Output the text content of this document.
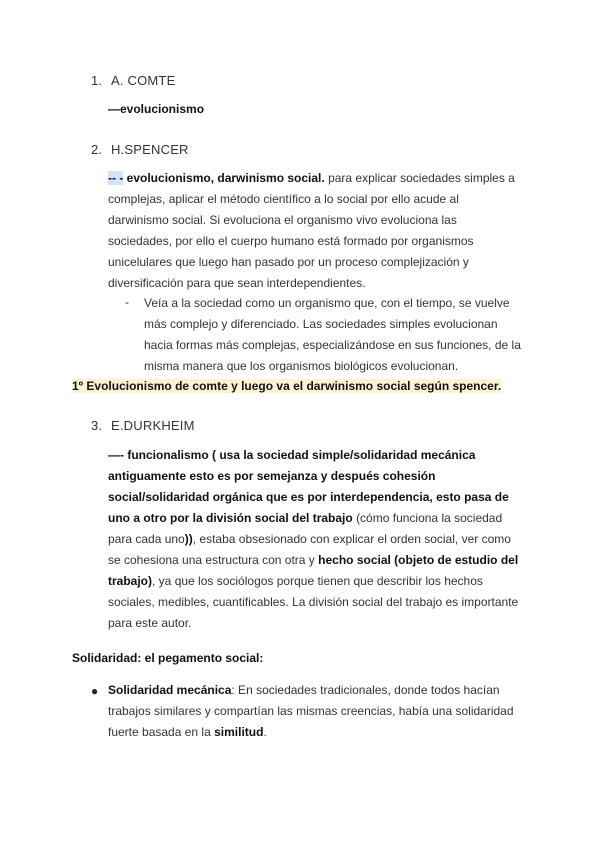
1. A. COMTE
—evolucionismo
2. H.SPENCER
-- - evolucionismo, darwinismo social. para explicar sociedades simples a complejas, aplicar el método científico a lo social por ello acude al darwinismo social. Si evoluciona el organismo vivo evoluciona las sociedades, por ello el cuerpo humano está formado por organismos unicelulares que luego han pasado por un proceso complejización y diversificación para que sean interdependientes.
- Veía a la sociedad como un organismo que, con el tiempo, se vuelve más complejo y diferenciado. Las sociedades simples evolucionan hacia formas más complejas, especializándose en sus funciones, de la misma manera que los organismos biológicos evolucionan.
1º Evolucionismo de comte y luego va el darwinismo social según spencer.
3. E.DURKHEIM
—- funcionalismo ( usa la sociedad simple/solidaridad mecánica antiguamente esto es por semejanza y después cohesión social/solidaridad orgánica que es por interdependencia, esto pasa de uno a otro por la división social del trabajo (cómo funciona la sociedad para cada uno)), estaba obsesionado con explicar el orden social, ver como se cohesiona una estructura con otra y hecho social (objeto de estudio del trabajo), ya que los sociólogos porque tienen que describir los hechos sociales, medibles, cuantificables. La división social del trabajo es importante para este autor.
Solidaridad: el pegamento social:
● Solidaridad mecánica: En sociedades tradicionales, donde todos hacían trabajos similares y compartían las mismas creencias, había una solidaridad fuerte basada en la similitud.
